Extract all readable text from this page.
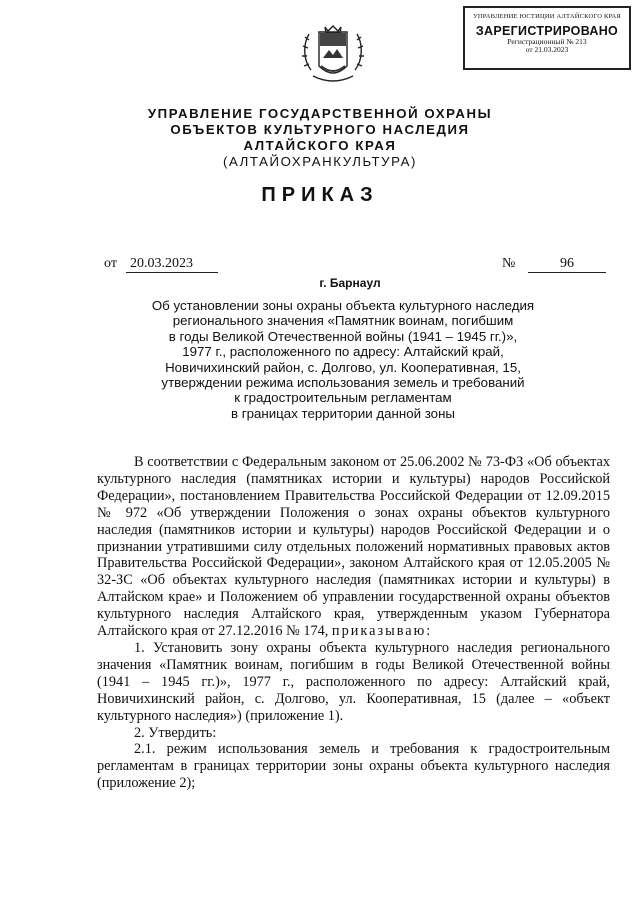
УПРАВЛЕНИЕ ЮСТИЦИИ АЛТАЙСКОГО КРАЯ
ЗАРЕГИСТРИРОВАНО
Регистрационный № 213
от 21.03.2023
УПРАВЛЕНИЕ ГОСУДАРСТВЕННОЙ ОХРАНЫ
ОБЪЕКТОВ КУЛЬТУРНОГО НАСЛЕДИЯ
АЛТАЙСКОГО КРАЯ
(АЛТАЙОХРАНКУЛЬТУРА)
ПРИКАЗ
от 20.03.2023	№	96
г. Барнаул
Об установлении зоны охраны объекта культурного наследия
регионального значения «Памятник воинам, погибшим
в годы Великой Отечественной войны (1941 – 1945 гг.)»,
1977 г., расположенного по адресу: Алтайский край,
Новичихинский район, с. Долгово, ул. Кооперативная, 15,
утверждении режима использования земель и требований
к градостроительным регламентам
в границах территории данной зоны

В соответствии с Федеральным законом от 25.06.2002 № 73-ФЗ «Об объектах культурного наследия (памятниках истории и культуры) народов Российской Федерации», постановлением Правительства Российской Федерации от 12.09.2015 № 972 «Об утверждении Положения о зонах охраны объектов культурного наследия (памятников истории и культуры) народов Российской Федерации и о признании утратившими силу отдельных положений нормативных правовых актов Правительства Российской Федерации», законом Алтайского края от 12.05.2005 № 32-ЗС «Об объектах культурного наследия (памятниках истории и культуры) в Алтайском крае» и Положением об управлении государственной охраны объектов культурного наследия Алтайского края, утвержденным указом Губернатора Алтайского края от 27.12.2016 № 174, приказываю:

1. Установить зону охраны объекта культурного наследия регионального значения «Памятник воинам, погибшим в годы Великой Отечественной войны (1941 – 1945 гг.)», 1977 г., расположенного по адресу: Алтайский край, Новичихинский район, с. Долгово, ул. Кооперативная, 15 (далее – «объект культурного наследия») (приложение 1).

2. Утвердить:

2.1. режим использования земель и требования к градостроительным регламентам в границах территории зоны охраны объекта культурного наследия (приложение 2);
